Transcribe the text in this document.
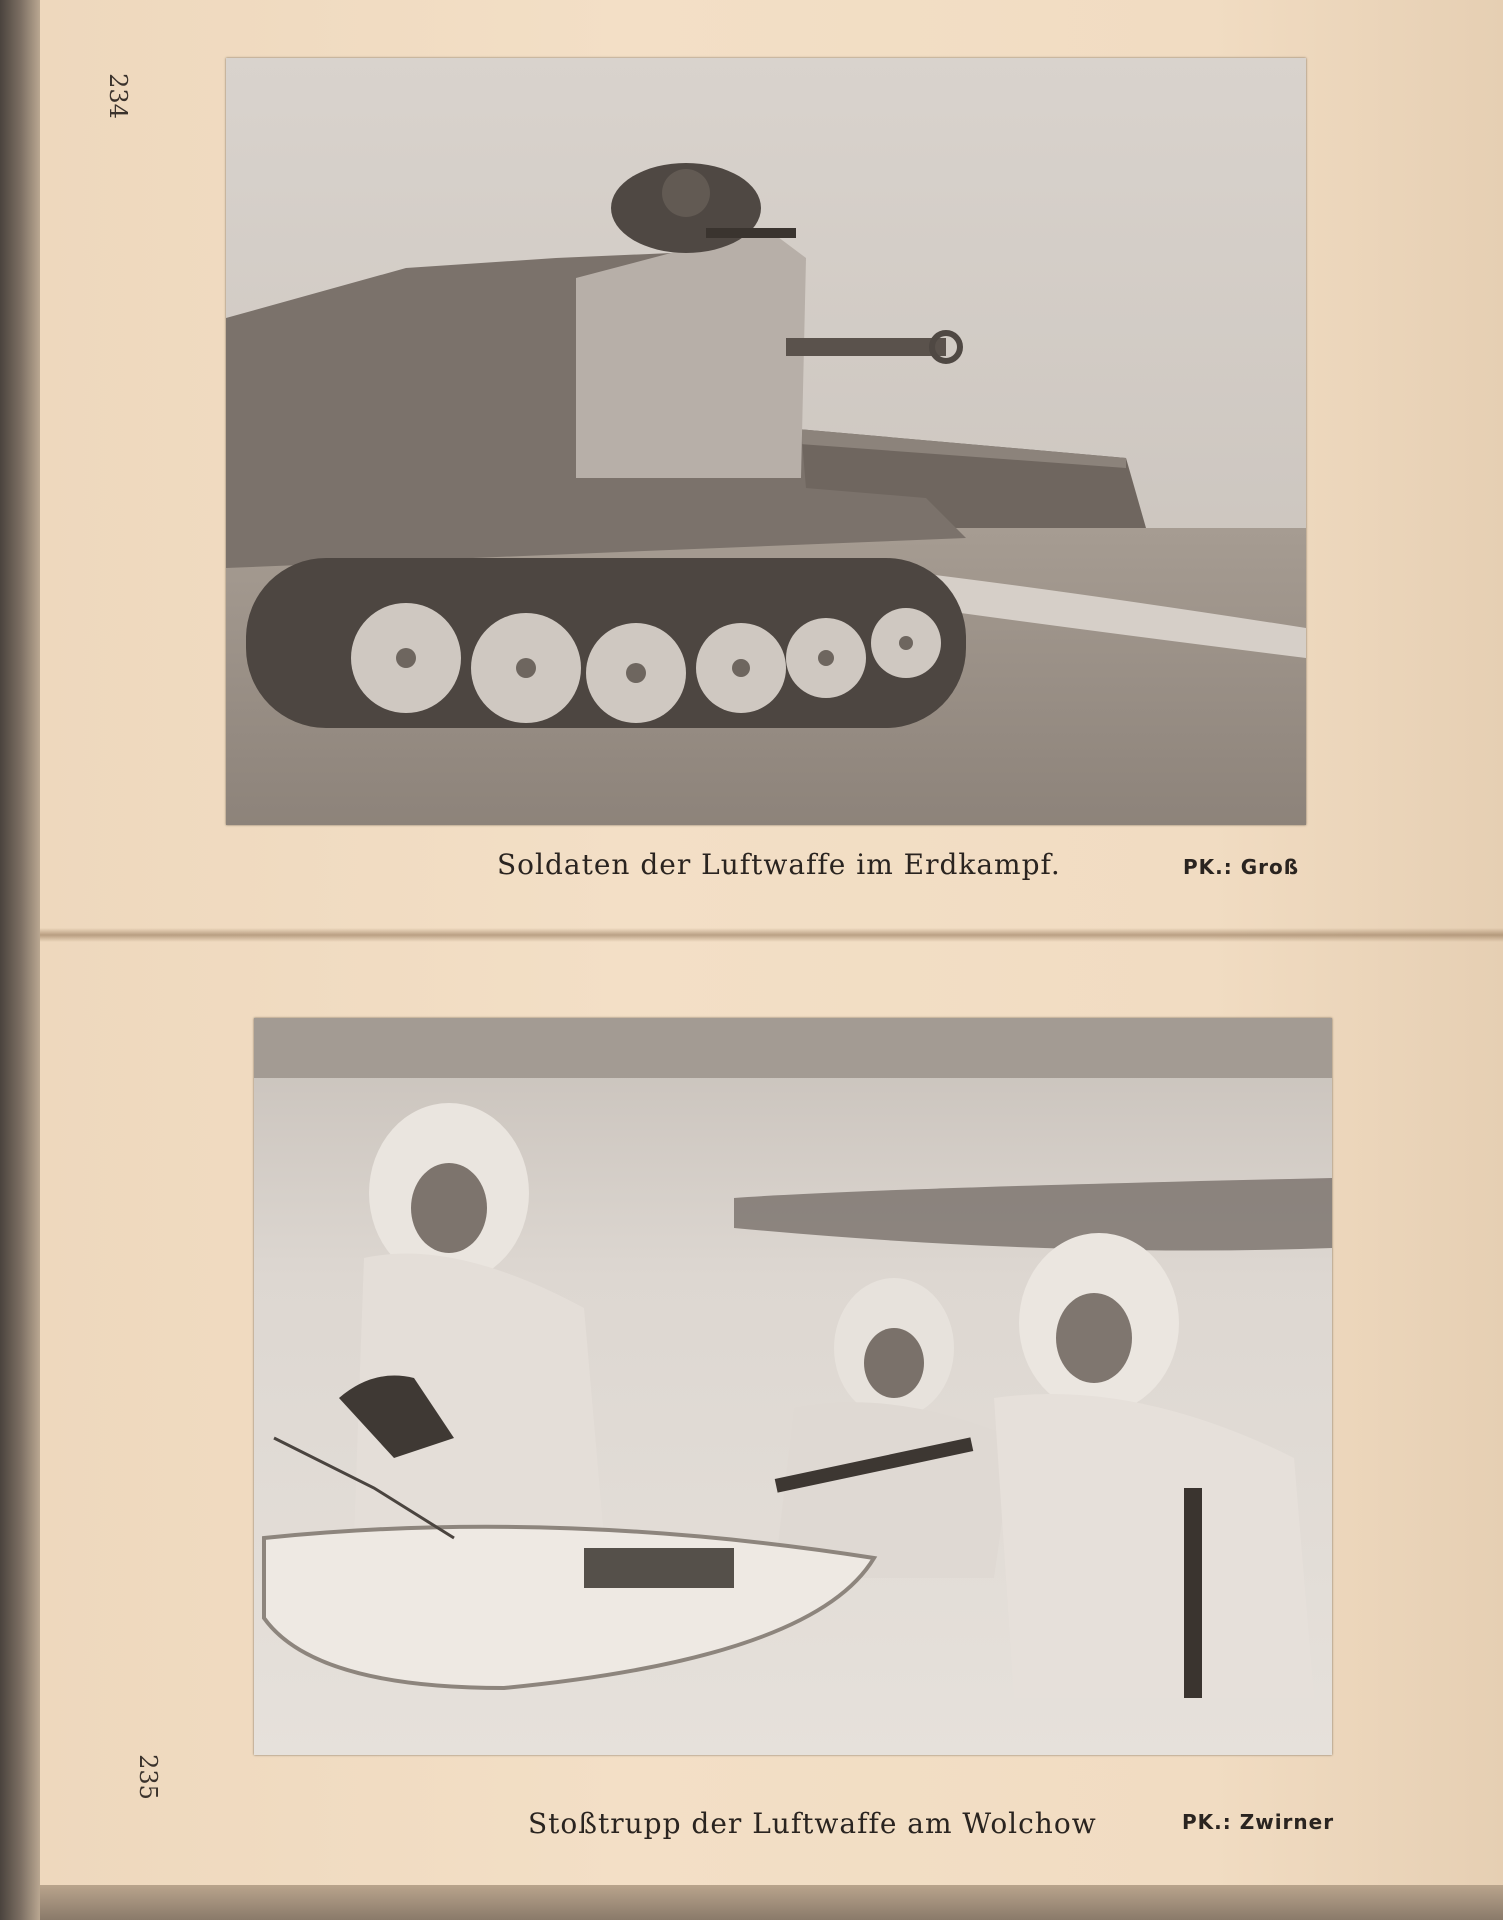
234
Soldaten der Luftwaffe im Erdkampf.	PK.: Groß
235
Stoßtrupp der Luftwaffe am Wolchow	PK.: Zwirner
